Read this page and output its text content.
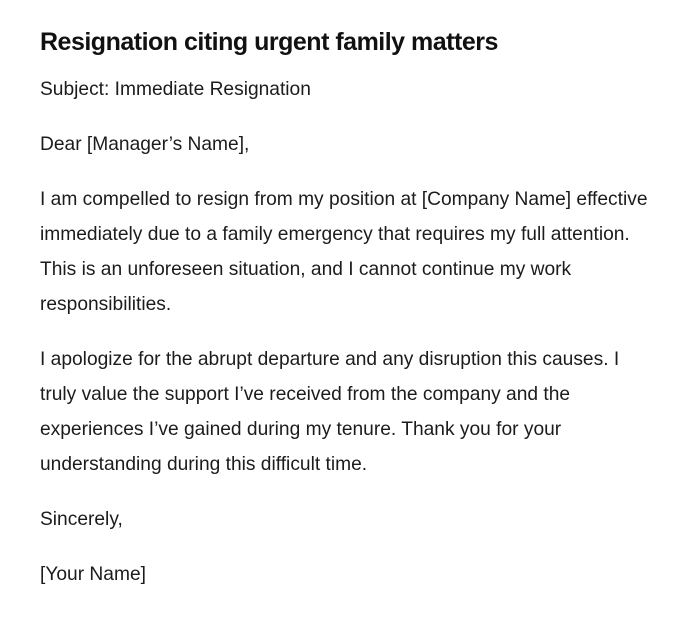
Resignation citing urgent family matters

Subject: Immediate Resignation

Dear [Manager’s Name],

I am compelled to resign from my position at [Company Name] effective immediately due to a family emergency that requires my full attention. This is an unforeseen situation, and I cannot continue my work responsibilities.

I apologize for the abrupt departure and any disruption this causes. I truly value the support I’ve received from the company and the experiences I’ve gained during my tenure. Thank you for your understanding during this difficult time.

Sincerely,

[Your Name]
